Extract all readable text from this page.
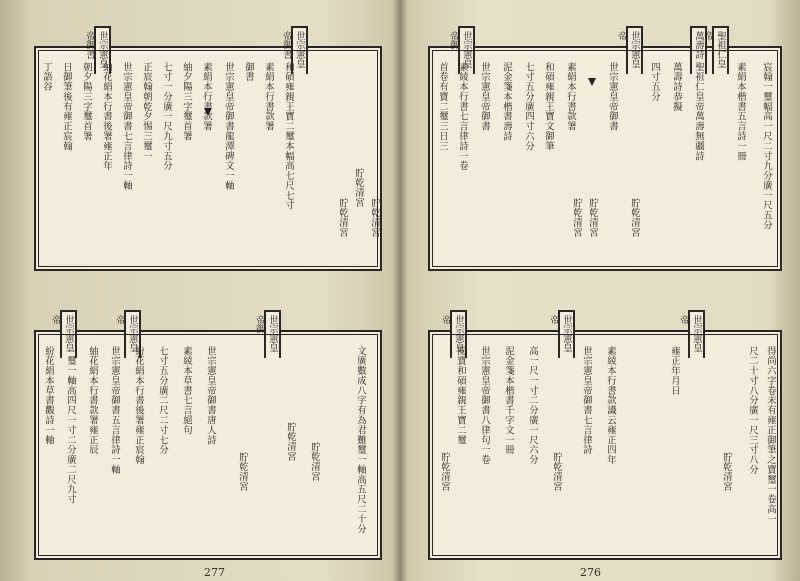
世宗憲皇帝御書	世宗憲皇帝御書
丁語谷 日御筆後有雍正宸翰 朝夕陽三字璽首署 紬花絹本行書後署雍正年 世宗憲皇帝御書七言律詩一軸 正宸翰朝乾夕惕三璽一 七寸一分廣一尺九寸五分 紬夕陽三字璽首署 素絹本行書款署 世宗憲皇帝御書龍潭碑文一軸 御書 素絹本行書款署 和碩雍親王寶二璽本幅高七尺七寸
貯乾清宮
貯乾清宮
貯乾清宮
世宗憲皇帝	世宗憲皇帝	世宗憲皇帝御
紛花絹本草書觀詩一軸 一璽一軸高四尺一寸二分廣二尺九寸 紬花絹本行書款署雍正辰 世宗憲皇帝御書五言律詩一軸 紛花絹本行書後署雍正宸翰 七寸五分廣二尺二寸七分 素綾本草書七言絕句 世宗憲皇帝御書唐人詩	文廣數成八字有為君難璽一軸高五尺二十分
貯乾清宮
貯乾清宮
貯乾清宮
277
世宗憲皇帝御	萬壽詩
世宗憲皇帝	聖祖仁皇帝
首卷有寶二璽三日三 素綾本行書七言律詩一卷 世宗憲皇帝御書 泥金箋本楷書壽詩 七寸五分廣四寸六分 和碩雍親王寶文御筆 素絹本行書款署	世宗憲皇帝御書	四寸五分 萬壽詩恭擬 聖祖仁皇帝萬壽無疆詩	素絹本楷書五言詩一冊 宸翰一璽幅高一尺二寸九分廣一尺五分
貯乾清宮 貯乾清宮	貯乾清宮
世宗憲皇帝	世宗憲皇帝	世宗憲皇帝
閱寶和碩雍親王寶二璽 世宗憲皇帝御書八律句一卷 泥金箋本楷書千字文一冊 高一尺一寸二分廣一尺六分	世宗憲皇帝御書七言律詩 素綾本行書款識云雍正四年	雍正年月日	尺二十寸八分廣一尺三寸八分 得尚六字卷末有雍正御筆之寶璽一卷高一
貯乾清宮	貯乾清宮	貯乾清宮
276
